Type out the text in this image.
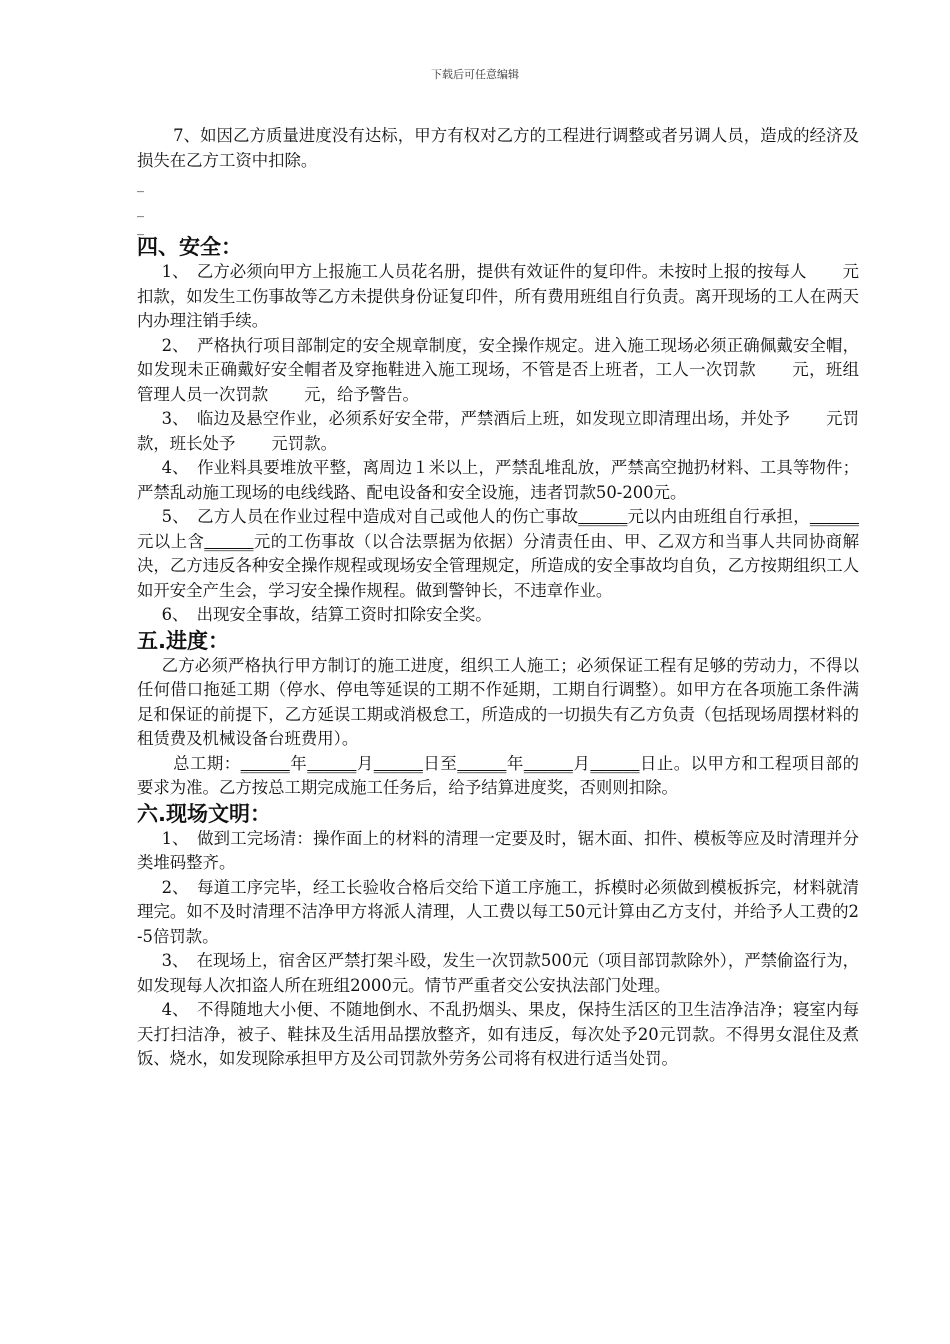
下载后可任意编辑

7、如因乙方质量进度没有达标，甲方有权对乙方的工程进行调整或者另调人员，造成的经济及损失在乙方工资中扣除。

_

_

_

四、安全：

1、　乙方必须向甲方上报施工人员花名册，提供有效证件的复印件。未按时上报的按每人 元扣款，如发生工伤事故等乙方未提供身份证复印件，所有费用班组自行负责。离开现场的工人在两天内办理注销手续。

2、　严格执行项目部制定的安全规章制度，安全操作规定。进入施工现场必须正确佩戴安全帽，如发现未正确戴好安全帽者及穿拖鞋进入施工现场，不管是否上班者，工人一次罚款 元，班组管理人员一次罚款 元，给予警告。

3、　临边及悬空作业，必须系好安全带，严禁酒后上班，如发现立即清理出场，并处予 元罚款，班长处予 元罚款。

4、　作业料具要堆放平整，离周边１米以上，严禁乱堆乱放，严禁高空抛扔材料、工具等物件；严禁乱动施工现场的电线线路、配电设备和安全设施，违者罚款50-200元。

5、　乙方人员在作业过程中造成对自己或他人的伤亡事故______元以内由班组自行承担，______元以上含______元的工伤事故（以合法票据为依据）分清责任由、甲、乙双方和当事人共同协商解决，乙方违反各种安全操作规程或现场安全管理规定，所造成的安全事故均自负，乙方按期组织工人如开安全产生会，学习安全操作规程。做到警钟长，不违章作业。

6、　出现安全事故，结算工资时扣除安全奖。

五.进度：

乙方必须严格执行甲方制订的施工进度，组织工人施工；必须保证工程有足够的劳动力，不得以任何借口拖延工期（停水、停电等延误的工期不作延期，工期自行调整）。如甲方在各项施工条件满足和保证的前提下，乙方延误工期或消极怠工，所造成的一切损失有乙方负责（包括现场周摆材料的租赁费及机械设备台班费用）。

总工期：______年______月______日至______年______月______日止。以甲方和工程项目部的要求为准。乙方按总工期完成施工任务后，给予结算进度奖，否则则扣除。

六.现场文明：

1、　做到工完场清：操作面上的材料的清理一定要及时，锯木面、扣件、模板等应及时清理并分类堆码整齐。

2、　每道工序完毕，经工长验收合格后交给下道工序施工，拆模时必须做到模板拆完，材料就清理完。如不及时清理不洁净甲方将派人清理，人工费以每工50元计算由乙方支付，并给予人工费的2-5倍罚款。

3、　在现场上，宿舍区严禁打架斗殴，发生一次罚款500元（项目部罚款除外），严禁偷盗行为，如发现每人次扣盗人所在班组2000元。情节严重者交公安执法部门处理。

4、　不得随地大小便、不随地倒水、不乱扔烟头、果皮，保持生活区的卫生洁净洁净；寝室内每天打扫洁净，被子、鞋抹及生活用品摆放整齐，如有违反，每次处予20元罚款。不得男女混住及煮饭、烧水，如发现除承担甲方及公司罚款外劳务公司将有权进行适当处罚。
